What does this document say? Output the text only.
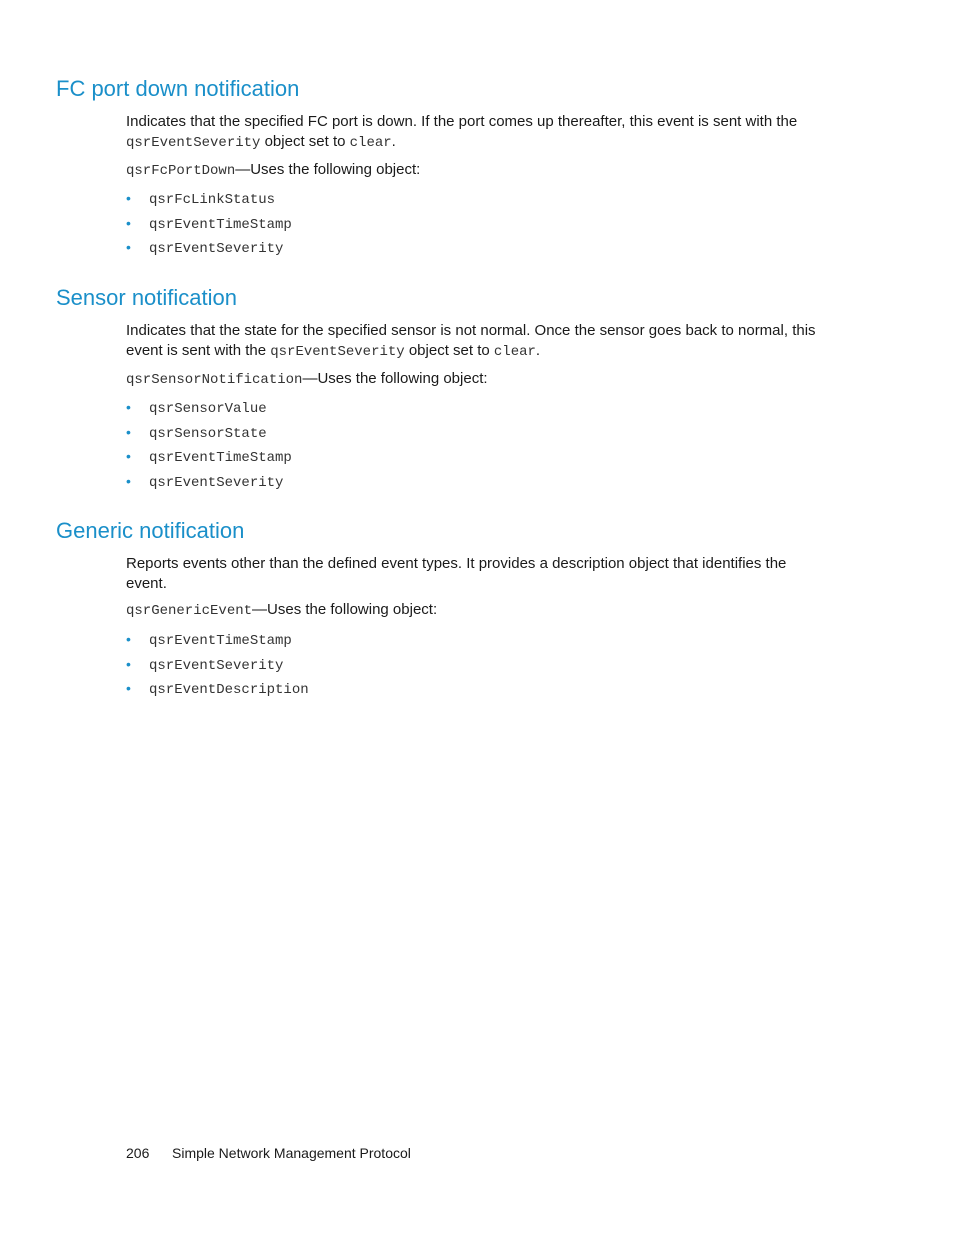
FC port down notification

Indicates that the specified FC port is down. If the port comes up thereafter, this event is sent with the qsrEventSeverity object set to clear.

qsrFcPortDown—Uses the following object:

• qsrFcLinkStatus
• qsrEventTimeStamp
• qsrEventSeverity
Sensor notification

Indicates that the state for the specified sensor is not normal. Once the sensor goes back to normal, this event is sent with the qsrEventSeverity object set to clear.

qsrSensorNotification—Uses the following object:

• qsrSensorValue
• qsrSensorState
• qsrEventTimeStamp
• qsrEventSeverity
Generic notification

Reports events other than the defined event types. It provides a description object that identifies the event.

qsrGenericEvent—Uses the following object:

• qsrEventTimeStamp
• qsrEventSeverity
• qsrEventDescription
206 Simple Network Management Protocol
